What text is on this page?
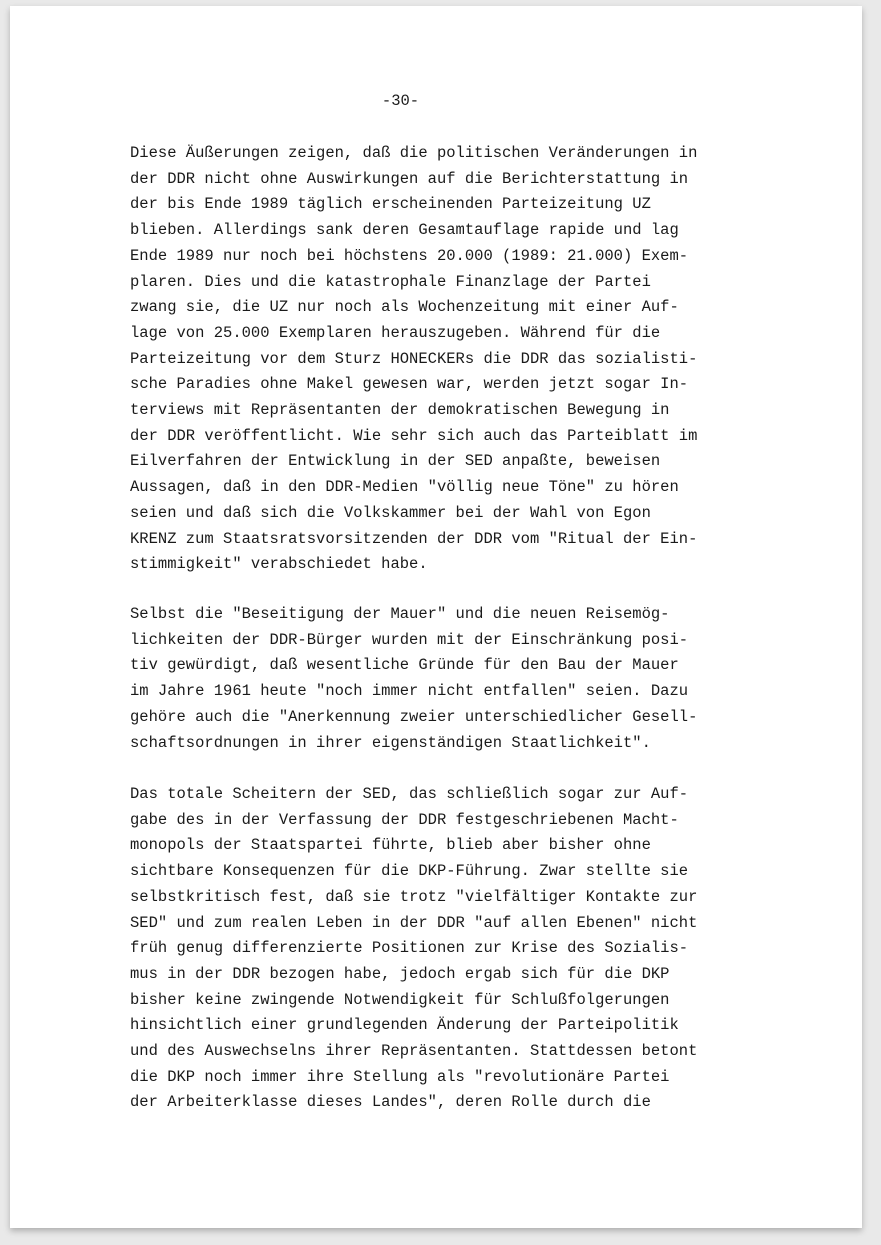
-30-

Diese Äußerungen zeigen, daß die politischen Veränderungen in
der DDR nicht ohne Auswirkungen auf die Berichterstattung in
der bis Ende 1989 täglich erscheinenden Parteizeitung UZ
blieben. Allerdings sank deren Gesamtauflage rapide und lag
Ende 1989 nur noch bei höchstens 20.000 (1989: 21.000) Exem-
plaren. Dies und die katastrophale Finanzlage der Partei
zwang sie, die UZ nur noch als Wochenzeitung mit einer Auf-
lage von 25.000 Exemplaren herauszugeben. Während für die
Parteizeitung vor dem Sturz HONECKERs die DDR das sozialisti-
sche Paradies ohne Makel gewesen war, werden jetzt sogar In-
terviews mit Repräsentanten der demokratischen Bewegung in
der DDR veröffentlicht. Wie sehr sich auch das Parteiblatt im
Eilverfahren der Entwicklung in der SED anpaßte, beweisen
Aussagen, daß in den DDR-Medien "völlig neue Töne" zu hören
seien und daß sich die Volkskammer bei der Wahl von Egon
KRENZ zum Staatsratsvorsitzenden der DDR vom "Ritual der Ein-
stimmigkeit" verabschiedet habe.

Selbst die "Beseitigung der Mauer" und die neuen Reisemög-
lichkeiten der DDR-Bürger wurden mit der Einschränkung posi-
tiv gewürdigt, daß wesentliche Gründe für den Bau der Mauer
im Jahre 1961 heute "noch immer nicht entfallen" seien. Dazu
gehöre auch die "Anerkennung zweier unterschiedlicher Gesell-
schaftsordnungen in ihrer eigenständigen Staatlichkeit".

Das totale Scheitern der SED, das schließlich sogar zur Auf-
gabe des in der Verfassung der DDR festgeschriebenen Macht-
monopols der Staatspartei führte, blieb aber bisher ohne
sichtbare Konsequenzen für die DKP-Führung. Zwar stellte sie
selbstkritisch fest, daß sie trotz "vielfältiger Kontakte zur
SED" und zum realen Leben in der DDR "auf allen Ebenen" nicht
früh genug differenzierte Positionen zur Krise des Sozialis-
mus in der DDR bezogen habe, jedoch ergab sich für die DKP
bisher keine zwingende Notwendigkeit für Schlußfolgerungen
hinsichtlich einer grundlegenden Änderung der Parteipolitik
und des Auswechselns ihrer Repräsentanten. Stattdessen betont
die DKP noch immer ihre Stellung als "revolutionäre Partei
der Arbeiterklasse dieses Landes", deren Rolle durch die
